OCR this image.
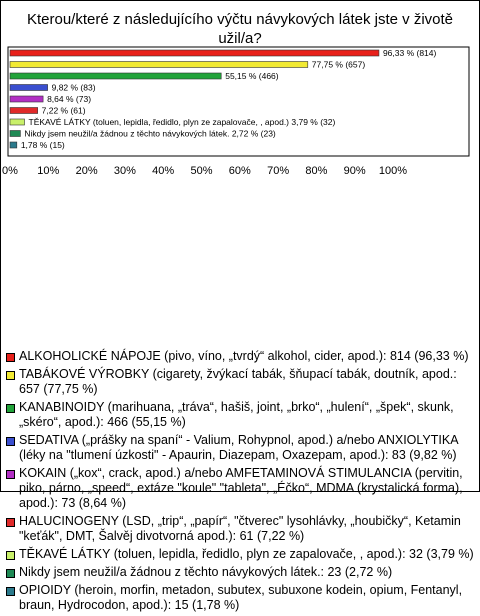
Kterou/které z následujícího výčtu návykových látek jste v životě užil/a?
96,33 % (814)
77,75 % (657)
55,15 % (466)
9,82 % (83)
8,64 % (73)
7,22 % (61)
TĚKAVÉ LÁTKY (toluen, lepidla, ředidlo, plyn ze zapalovače, , apod.) 3,79 % (32)
Nikdy jsem neužil/a žádnou z těchto návykových látek. 2,72 % (23)
1,78 % (15)
0% 10% 20% 30% 40% 50% 60% 70% 80% 90% 100%
ALKOHOLICKÉ NÁPOJE (pivo, víno, „tvrdý“ alkohol, cider, apod.): 814 (96,33 %)
TABÁKOVÉ VÝROBKY (cigarety, žvýkací tabák, šňupací tabák, doutník, apod.: 657 (77,75 %)
KANABINOIDY (marihuana, „tráva“, hašiš, joint, „brko“, „hulení“, „špek“, skunk, „skéro“, apod.): 466 (55,15 %)
SEDATIVA („prášky na spaní“ - Valium, Rohypnol, apod.) a/nebo ANXIOLYTIKA (léky na "tlumení úzkosti" - Apaurin, Diazepam, Oxazepam, apod.): 83 (9,82 %)
KOKAIN („kox“, crack, apod.) a/nebo AMFETAMINOVÁ STIMULANCIA (pervitin, piko, párno, „speed“, extáze "koule" "tableta", „Éčko“, MDMA (krystalická forma), apod.): 73 (8,64 %)
HALUCINOGENY (LSD, „trip“, „papír“, "čtverec" lysohlávky, „houbičky“, Ketamin "keťák", DMT, Šalvěj divotvorná apod.): 61 (7,22 %)
TĚKAVÉ LÁTKY (toluen, lepidla, ředidlo, plyn ze zapalovače, , apod.): 32 (3,79 %)
Nikdy jsem neužil/a žádnou z těchto návykových látek.: 23 (2,72 %)
OPIOIDY (heroin, morfin, metadon, subutex, subuxone kodein, opium, Fentanyl, braun, Hydrocodon, apod.): 15 (1,78 %)
